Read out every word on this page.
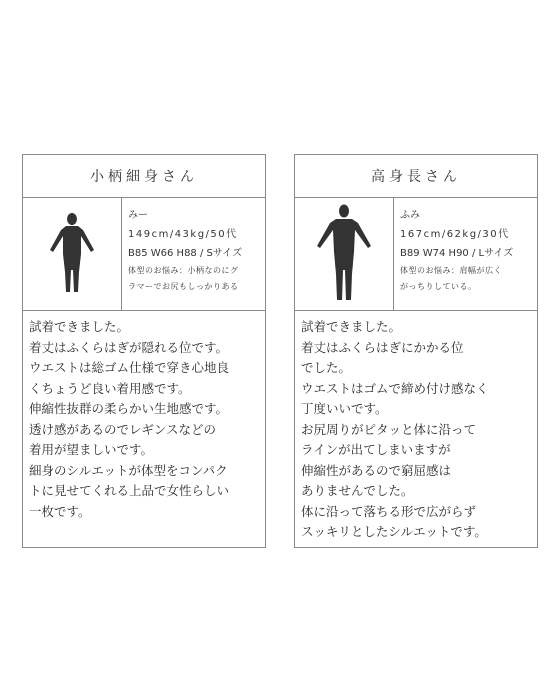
小柄細身さん
みー
149cm/43kg/50代
B85 W66 H88 / Sサイズ
体型のお悩み：小柄なのにグ
ラマーでお尻もしっかりある
試着できました。
着丈はふくらはぎが隠れる位です。
ウエストは総ゴム仕様で穿き心地良
くちょうど良い着用感です。
伸縮性抜群の柔らかい生地感です。
透け感があるのでレギンスなどの
着用が望ましいです。
細身のシルエットが体型をコンパク
トに見せてくれる上品で女性らしい
一枚です。
高身長さん
ふみ
167cm/62kg/30代
B89 W74 H90 / Lサイズ
体型のお悩み：肩幅が広く
がっちりしている。
試着できました。
着丈はふくらはぎにかかる位
でした。
ウエストはゴムで締め付け感なく
丁度いいです。
お尻周りがピタッと体に沿って
ラインが出てしまいますが
伸縮性があるので窮屈感は
ありませんでした。
体に沿って落ちる形で広がらず
スッキリとしたシルエットです。
